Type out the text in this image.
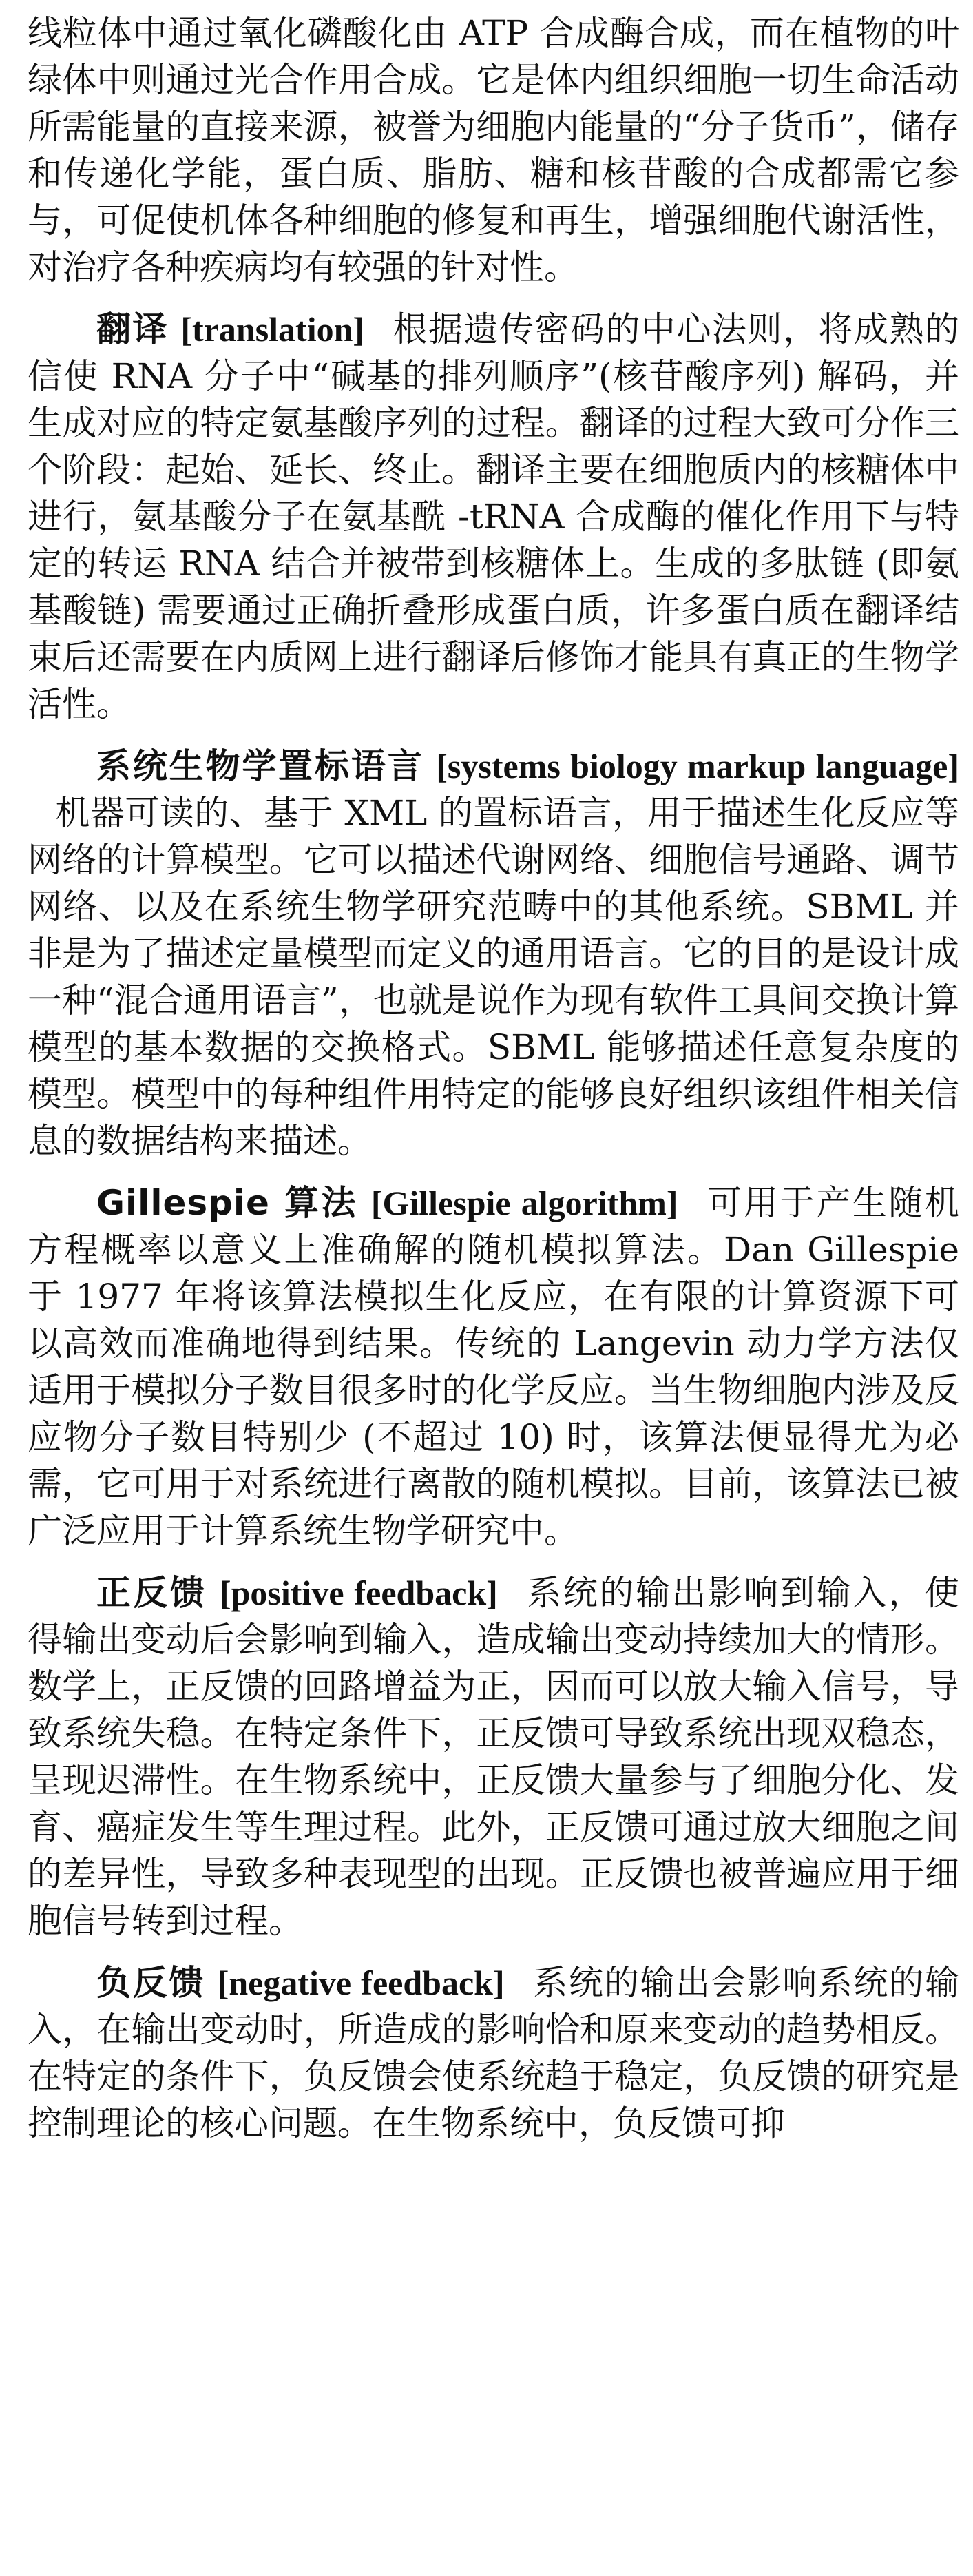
线粒体中通过氧化磷酸化由 ATP 合成酶合成，而在植物的叶绿体中则通过光合作用合成。它是体内组织细胞一切生命活动所需能量的直接来源，被誉为细胞内能量的“分子货币”，储存和传递化学能，蛋白质、脂肪、糖和核苷酸的合成都需它参与，可促使机体各种细胞的修复和再生，增强细胞代谢活性，对治疗各种疾病均有较强的针对性。

翻译 [translation] 根据遗传密码的中心法则，将成熟的信使 RNA 分子中“碱基的排列顺序”(核苷酸序列) 解码，并生成对应的特定氨基酸序列的过程。翻译的过程大致可分作三个阶段：起始、延长、终止。翻译主要在细胞质内的核糖体中进行，氨基酸分子在氨基酰 -tRNA 合成酶的催化作用下与特定的转运 RNA 结合并被带到核糖体上。生成的多肽链 (即氨基酸链) 需要通过正确折叠形成蛋白质，许多蛋白质在翻译结束后还需要在内质网上进行翻译后修饰才能具有真正的生物学活性。

系统生物学置标语言 [systems biology markup language]机器可读的、基于 XML 的置标语言，用于描述生化反应等网络的计算模型。它可以描述代谢网络、细胞信号通路、调节网络、以及在系统生物学研究范畴中的其他系统。SBML 并非是为了描述定量模型而定义的通用语言。它的目的是设计成一种“混合通用语言”，也就是说作为现有软件工具间交换计算模型的基本数据的交换格式。SBML 能够描述任意复杂度的模型。模型中的每种组件用特定的能够良好组织该组件相关信息的数据结构来描述。

Gillespie 算法 [Gillespie algorithm] 可用于产生随机方程概率以意义上准确解的随机模拟算法。Dan Gillespie 于 1977 年将该算法模拟生化反应，在有限的计算资源下可以高效而准确地得到结果。传统的 Langevin 动力学方法仅适用于模拟分子数目很多时的化学反应。当生物细胞内涉及反应物分子数目特别少 (不超过 10) 时，该算法便显得尤为必需，它可用于对系统进行离散的随机模拟。目前，该算法已被广泛应用于计算系统生物学研究中。

正反馈 [positive feedback] 系统的输出影响到输入，使得输出变动后会影响到输入，造成输出变动持续加大的情形。数学上，正反馈的回路增益为正，因而可以放大输入信号，导致系统失稳。在特定条件下，正反馈可导致系统出现双稳态，呈现迟滞性。在生物系统中，正反馈大量参与了细胞分化、发育、癌症发生等生理过程。此外，正反馈可通过放大细胞之间的差异性，导致多种表现型的出现。正反馈也被普遍应用于细胞信号转到过程。

负反馈 [negative feedback] 系统的输出会影响系统的输入，在输出变动时，所造成的影响恰和原来变动的趋势相反。在特定的条件下，负反馈会使系统趋于稳定，负反馈的研究是控制理论的核心问题。在生物系统中，负反馈可抑
